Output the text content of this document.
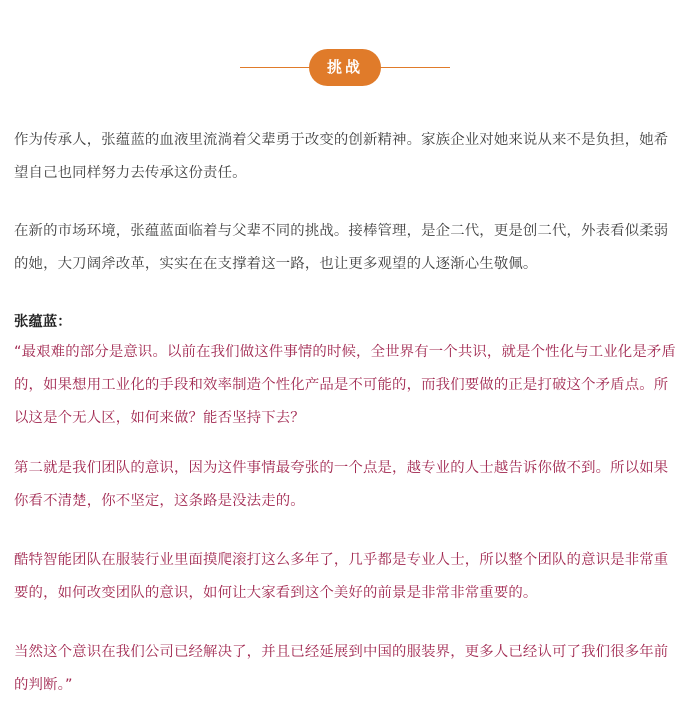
挑战

作为传承人，张蕴蓝的血液里流淌着父辈勇于改变的创新精神。家族企业对她来说从来不是负担，她希望自己也同样努力去传承这份责任。

在新的市场环境，张蕴蓝面临着与父辈不同的挑战。接棒管理，是企二代，更是创二代，外表看似柔弱的她，大刀阔斧改革，实实在在支撑着这一路，也让更多观望的人逐渐心生敬佩。

张蕴蓝：

“最艰难的部分是意识。以前在我们做这件事情的时候，全世界有一个共识，就是个性化与工业化是矛盾的，如果想用工业化的手段和效率制造个性化产品是不可能的，而我们要做的正是打破这个矛盾点。所以这是个无人区，如何来做？能否坚持下去？

第二就是我们团队的意识，因为这件事情最夸张的一个点是，越专业的人士越告诉你做不到。所以如果你看不清楚，你不坚定，这条路是没法走的。

酷特智能团队在服装行业里面摸爬滚打这么多年了，几乎都是专业人士，所以整个团队的意识是非常重要的，如何改变团队的意识，如何让大家看到这个美好的前景是非常非常重要的。

当然这个意识在我们公司已经解决了，并且已经延展到中国的服装界，更多人已经认可了我们很多年前的判断。”
